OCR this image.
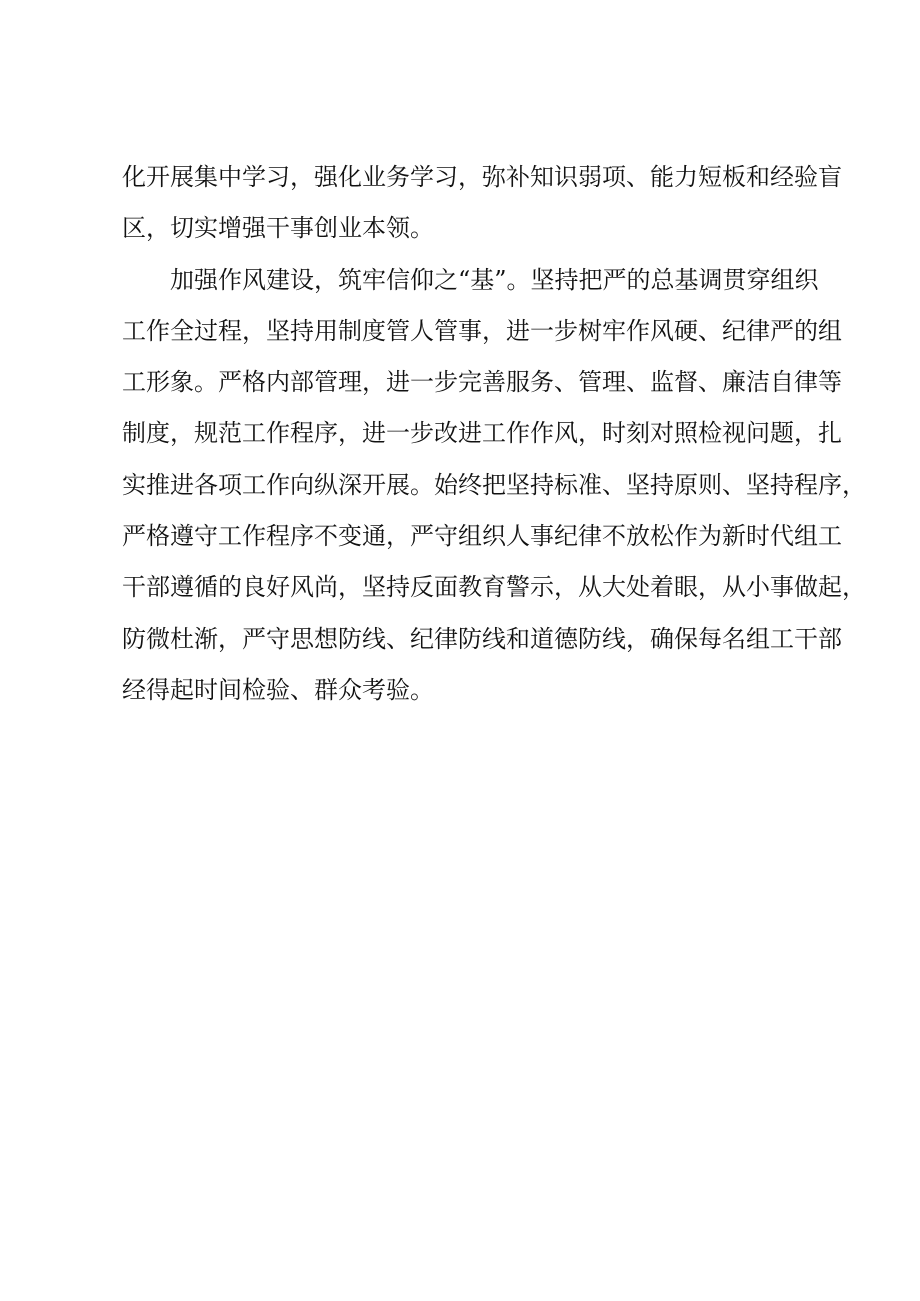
化开展集中学习，强化业务学习，弥补知识弱项、能力短板和经验盲
区，切实增强干事创业本领。
加强作风建设，筑牢信仰之“基”。坚持把严的总基调贯穿组织
工作全过程，坚持用制度管人管事，进一步树牢作风硬、纪律严的组
工形象。严格内部管理，进一步完善服务、管理、监督、廉洁自律等
制度，规范工作程序，进一步改进工作作风，时刻对照检视问题，扎
实推进各项工作向纵深开展。始终把坚持标准、坚持原则、坚持程序，
严格遵守工作程序不变通，严守组织人事纪律不放松作为新时代组工
干部遵循的良好风尚，坚持反面教育警示，从大处着眼，从小事做起，
防微杜渐，严守思想防线、纪律防线和道德防线，确保每名组工干部
经得起时间检验、群众考验。
